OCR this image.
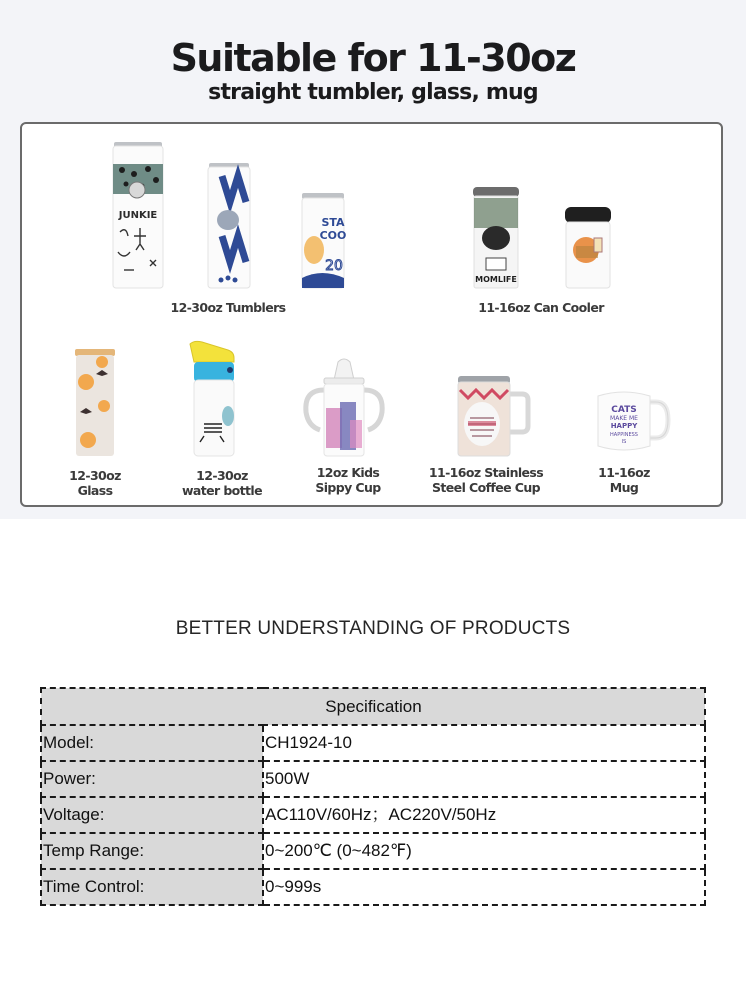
Suitable for 11-30oz
straight tumbler, glass, mug
JUNKIE
STA
COO
20
12-30oz Tumblers
MOMLIFE
11-16oz Can Cooler
12-30oz
Glass
12-30oz
water bottle
12oz Kids
Sippy Cup
11-16oz Stainless
Steel Coffee Cup
CATS
MAKE ME
HAPPY
HAPPINESS
IS
11-16oz
Mug
BETTER UNDERSTANDING OF PRODUCTS
Specification	
Model:	CH1924-10
Power:	500W
Voltage:	AC110V/60Hz；AC220V/50Hz
Temp Range:	0~200℃ (0~482℉)
Time Control:	0~999s
